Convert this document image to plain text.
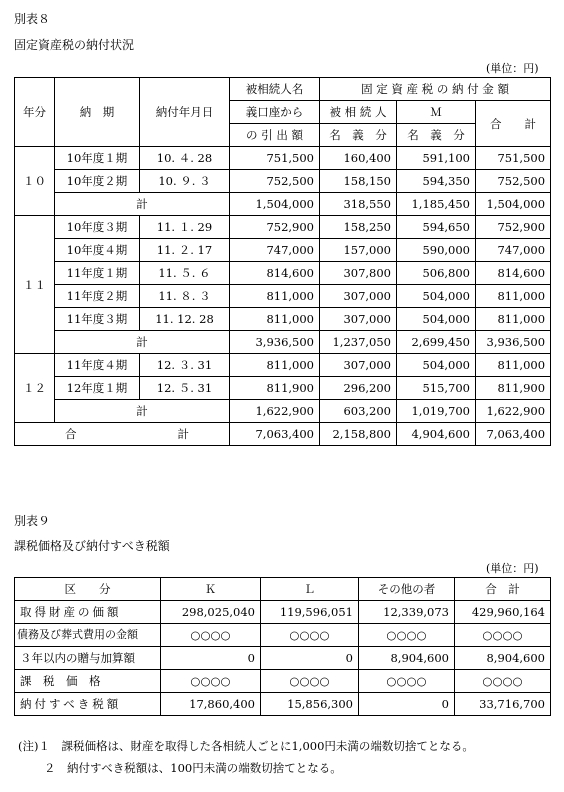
別表８
固定資産税の納付状況
(単位：円)
年分	納　期	納付年月日	被相続人名	固 定 資 産 税 の 納 付 金 額		
			義口座から	被 相 続 人	Ｍ	合　　計
			の 引 出 額	名　義　分	名　義　分	
１０	10年度１期	10. ４. 28	751,500	160,400	591,100	751,500
	10年度２期	10. ９. ３	752,500	158,150	594,350	752,500
	計		1,504,000	318,550	1,185,450	1,504,000
１１	10年度３期	11. １. 29	752,900	158,250	594,650	752,900
	10年度４期	11. ２. 17	747,000	157,000	590,000	747,000
	11年度１期	11. ５. ６	814,600	307,800	506,800	814,600
	11年度２期	11. ８. ３	811,000	307,000	504,000	811,000
	11年度３期	11. 12. 28	811,000	307,000	504,000	811,000
	計		3,936,500	1,237,050	2,699,450	3,936,500
１２	11年度４期	12. ３. 31	811,000	307,000	504,000	811,000
	12年度１期	12. ５. 31	811,900	296,200	515,700	811,900
	計		1,622,900	603,200	1,019,700	1,622,900

合 計			7,063,400	2,158,800	4,904,600	7,063,400
別表９
課税価格及び納付すべき税額
(単位：円)
区　　分	Ｋ	Ｌ	その他の者	合　計
取得財産の価額	298,025,040	119,596,051	12,339,073	429,960,164
債務及び葬式費用の金額	○○○○	○○○○	○○○○	○○○○
３年以内の贈与加算額	0	0	8,904,600	8,904,600
課　税　価　格	○○○○	○○○○	○○○○	○○○○
納付すべき税額	17,860,400	15,856,300	0	33,716,700
(注)１　課税価格は、財産を取得した各相続人ごとに1,000円未満の端数切捨てとなる。
２　納付すべき税額は、100円未満の端数切捨てとなる。
